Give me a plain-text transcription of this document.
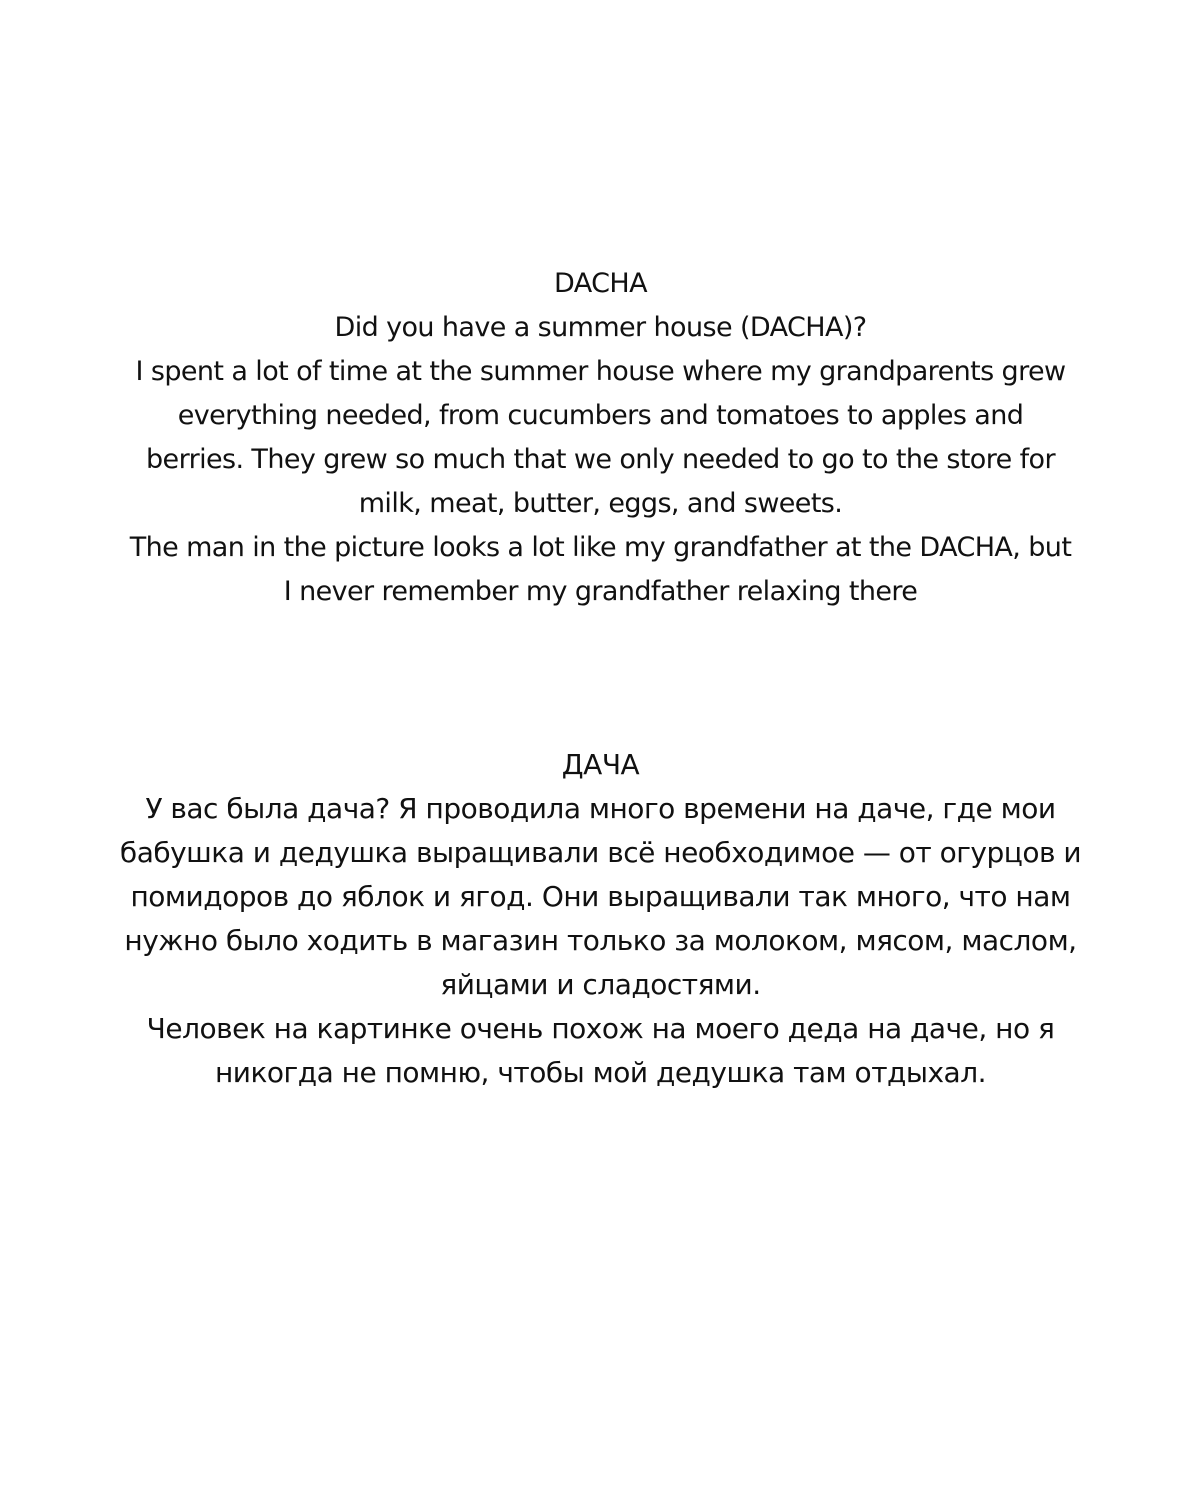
DACHA
Did you have a summer house (DACHA)?
I spent a lot of time at the summer house where my grandparents grew
everything needed, from cucumbers and tomatoes to apples and
berries. They grew so much that we only needed to go to the store for
milk, meat, butter, eggs, and sweets.
The man in the picture looks a lot like my grandfather at the DACHA, but
I never remember my grandfather relaxing there
ДАЧА
У вас была дача? Я проводила много времени на даче, где мои
бабушка и дедушка выращивали всё необходимое — от огурцов и
помидоров до яблок и ягод. Они выращивали так много, что нам
нужно было ходить в магазин только за молоком, мясом, маслом,
яйцами и сладостями.
Человек на картинке очень похож на моего деда на даче, но я
никогда не помню, чтобы мой дедушка там отдыхал.
